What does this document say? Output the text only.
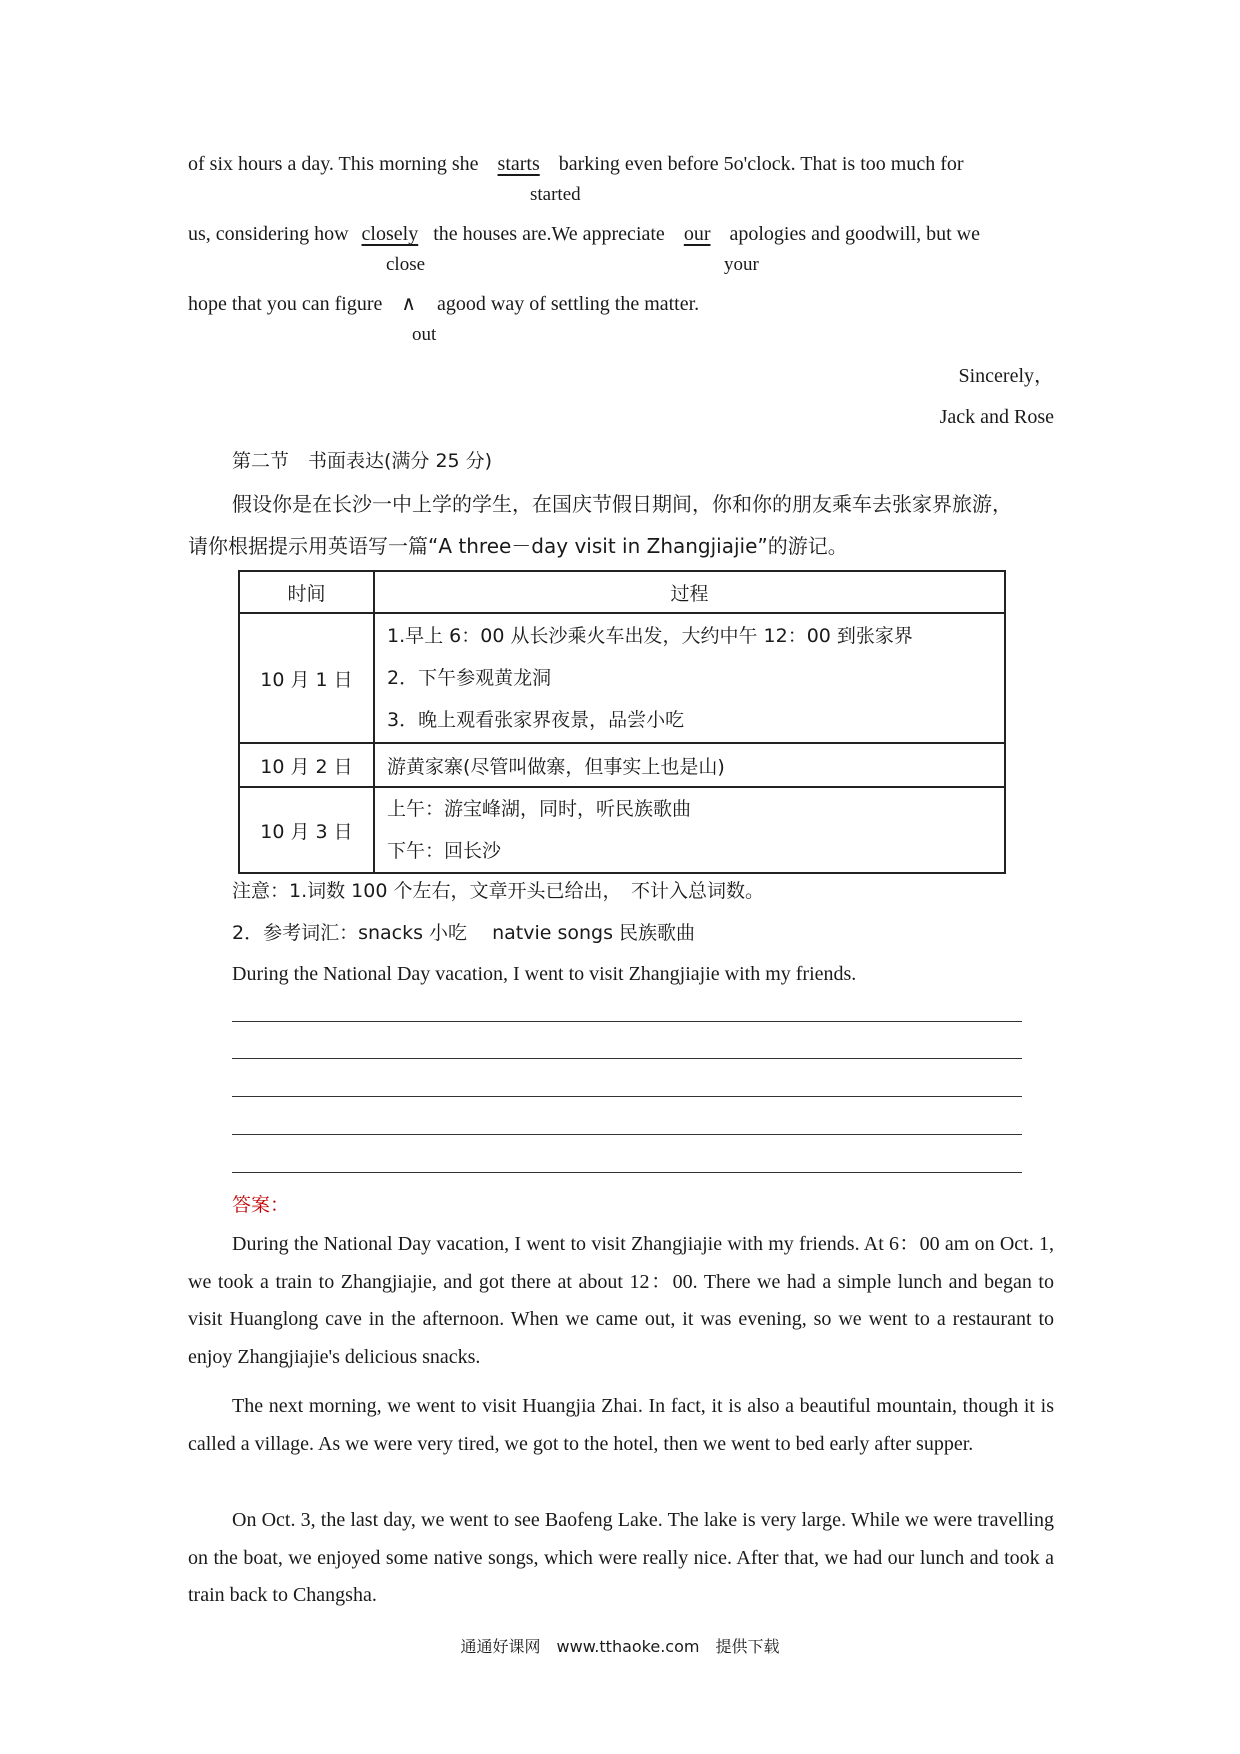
of six hours a day. This morning she starts barking even before 5o'clock. That is too much for
started
us, considering how closely the houses are.We appreciate our apologies and goodwill, but we
close	your
hope that you can figure ∧ agood way of settling the matter.
out
Sincerely，
Jack and Rose
第二节　书面表达(满分 25 分)
假设你是在长沙一中上学的学生，在国庆节假日期间，你和你的朋友乘车去张家界旅游，
请你根据提示用英语写一篇“A three－day visit in Zhangjiajie”的游记。
时间	过程
10 月 1 日	1.早上 6：00 从长沙乘火车出发，大约中午 12：00 到张家界
2．下午参观黄龙洞
3．晚上观看张家界夜景，品尝小吃

10 月 2 日	游黄家寨(尽管叫做寨，但事实上也是山)
10 月 3 日	上午：游宝峰湖，同时，听民族歌曲
下午：回长沙
注意：1.词数 100 个左右，文章开头已给出，　不计入总词数。
2．参考词汇：snacks 小吃　 natvie songs 民族歌曲
During the National Day vacation, I went to visit Zhangjiajie with my friends.
答案：
During the National Day vacation, I went to visit Zhangjiajie with my friends. At 6：00 am on Oct. 1, we took a train to Zhangjiajie, and got there at about 12：00. There we had a simple lunch and began to visit Huanglong cave in the afternoon. When we came out, it was evening, so we went to a restaurant to enjoy Zhangjiajie's delicious snacks.
The next morning, we went to visit Huangjia Zhai. In fact, it is also a beautiful mountain, though it is called a village. As we were very tired, we got to the hotel, then we went to bed early after supper.
On Oct. 3, the last day, we went to see Baofeng Lake. The lake is very large. While we were travelling on the boat, we enjoyed some native songs, which were really nice. After that, we had our lunch and took a train back to Changsha.
通通好课网　www.tthaoke.com　提供下载
